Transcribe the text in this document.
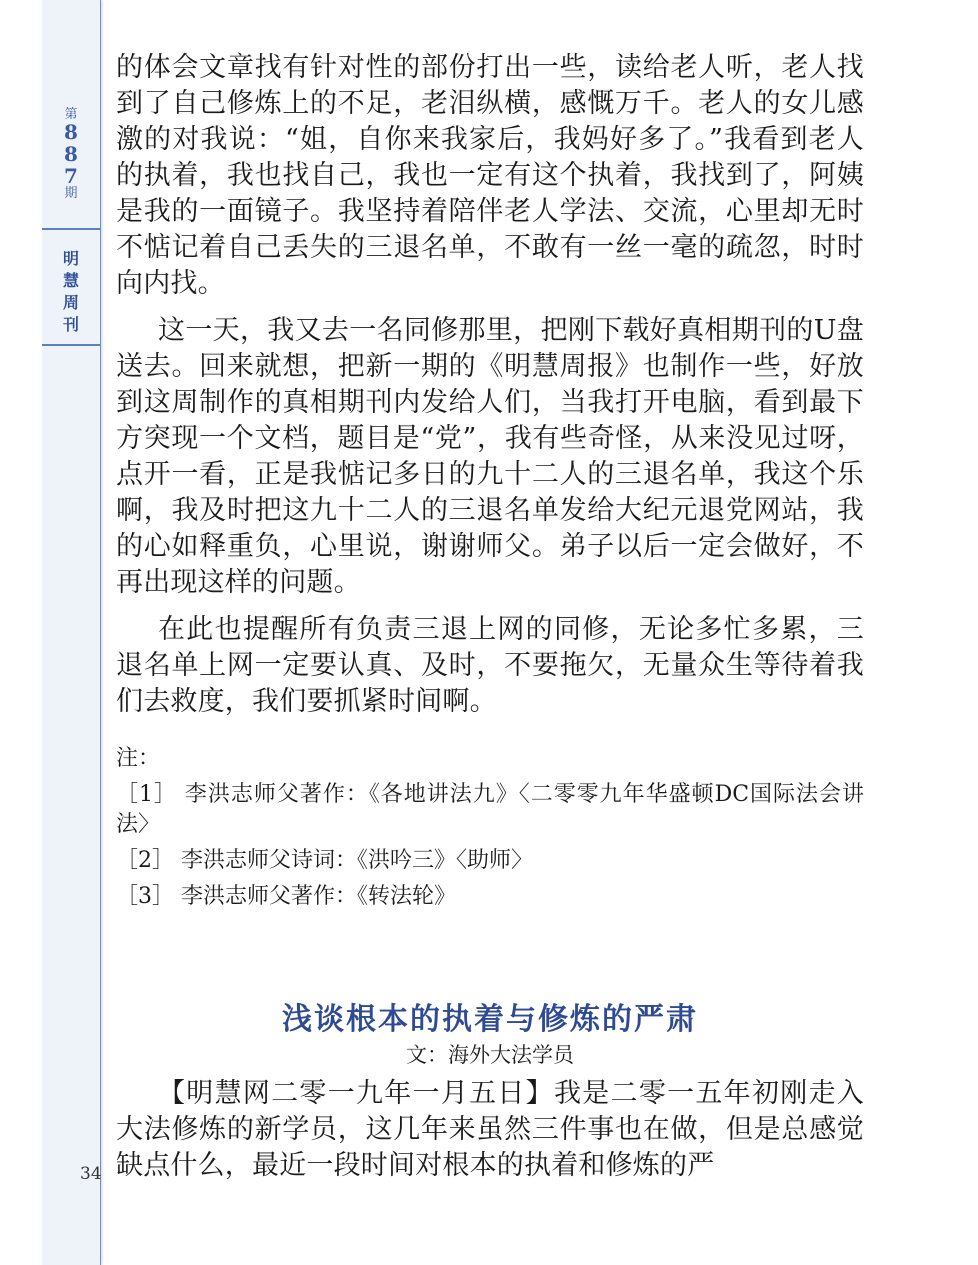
第
8
8
7
期
明
慧
周
刊
34

的体会文章找有针对性的部份打出一些，读给老人听，老人找到了自己修炼上的不足，老泪纵横，感慨万千。老人的女儿感激的对我说：“姐，自你来我家后，我妈好多了。”我看到老人的执着，我也找自己，我也一定有这个执着，我找到了，阿姨是我的一面镜子。我坚持着陪伴老人学法、交流，心里却无时不惦记着自己丢失的三退名单，不敢有一丝一毫的疏忽，时时向内找。

这一天，我又去一名同修那里，把刚下载好真相期刊的U盘送去。回来就想，把新一期的《明慧周报》也制作一些，好放到这周制作的真相期刊内发给人们，当我打开电脑，看到最下方突现一个文档，题目是“党”，我有些奇怪，从来没见过呀，点开一看，正是我惦记多日的九十二人的三退名单，我这个乐啊，我及时把这九十二人的三退名单发给大纪元退党网站，我的心如释重负，心里说，谢谢师父。弟子以后一定会做好，不再出现这样的问题。

在此也提醒所有负责三退上网的同修，无论多忙多累，三退名单上网一定要认真、及时，不要拖欠，无量众生等待着我们去救度，我们要抓紧时间啊。

注：

［1］ 李洪志师父著作：《各地讲法九》〈二零零九年华盛顿DC国际法会讲法〉

［2］ 李洪志师父诗词：《洪吟三》〈助师〉

［3］ 李洪志师父著作：《转法轮》

浅谈根本的执着与修炼的严肃

文：海外大法学员

【明慧网二零一九年一月五日】我是二零一五年初刚走入大法修炼的新学员，这几年来虽然三件事也在做，但是总感觉缺点什么，最近一段时间对根本的执着和修炼的严
